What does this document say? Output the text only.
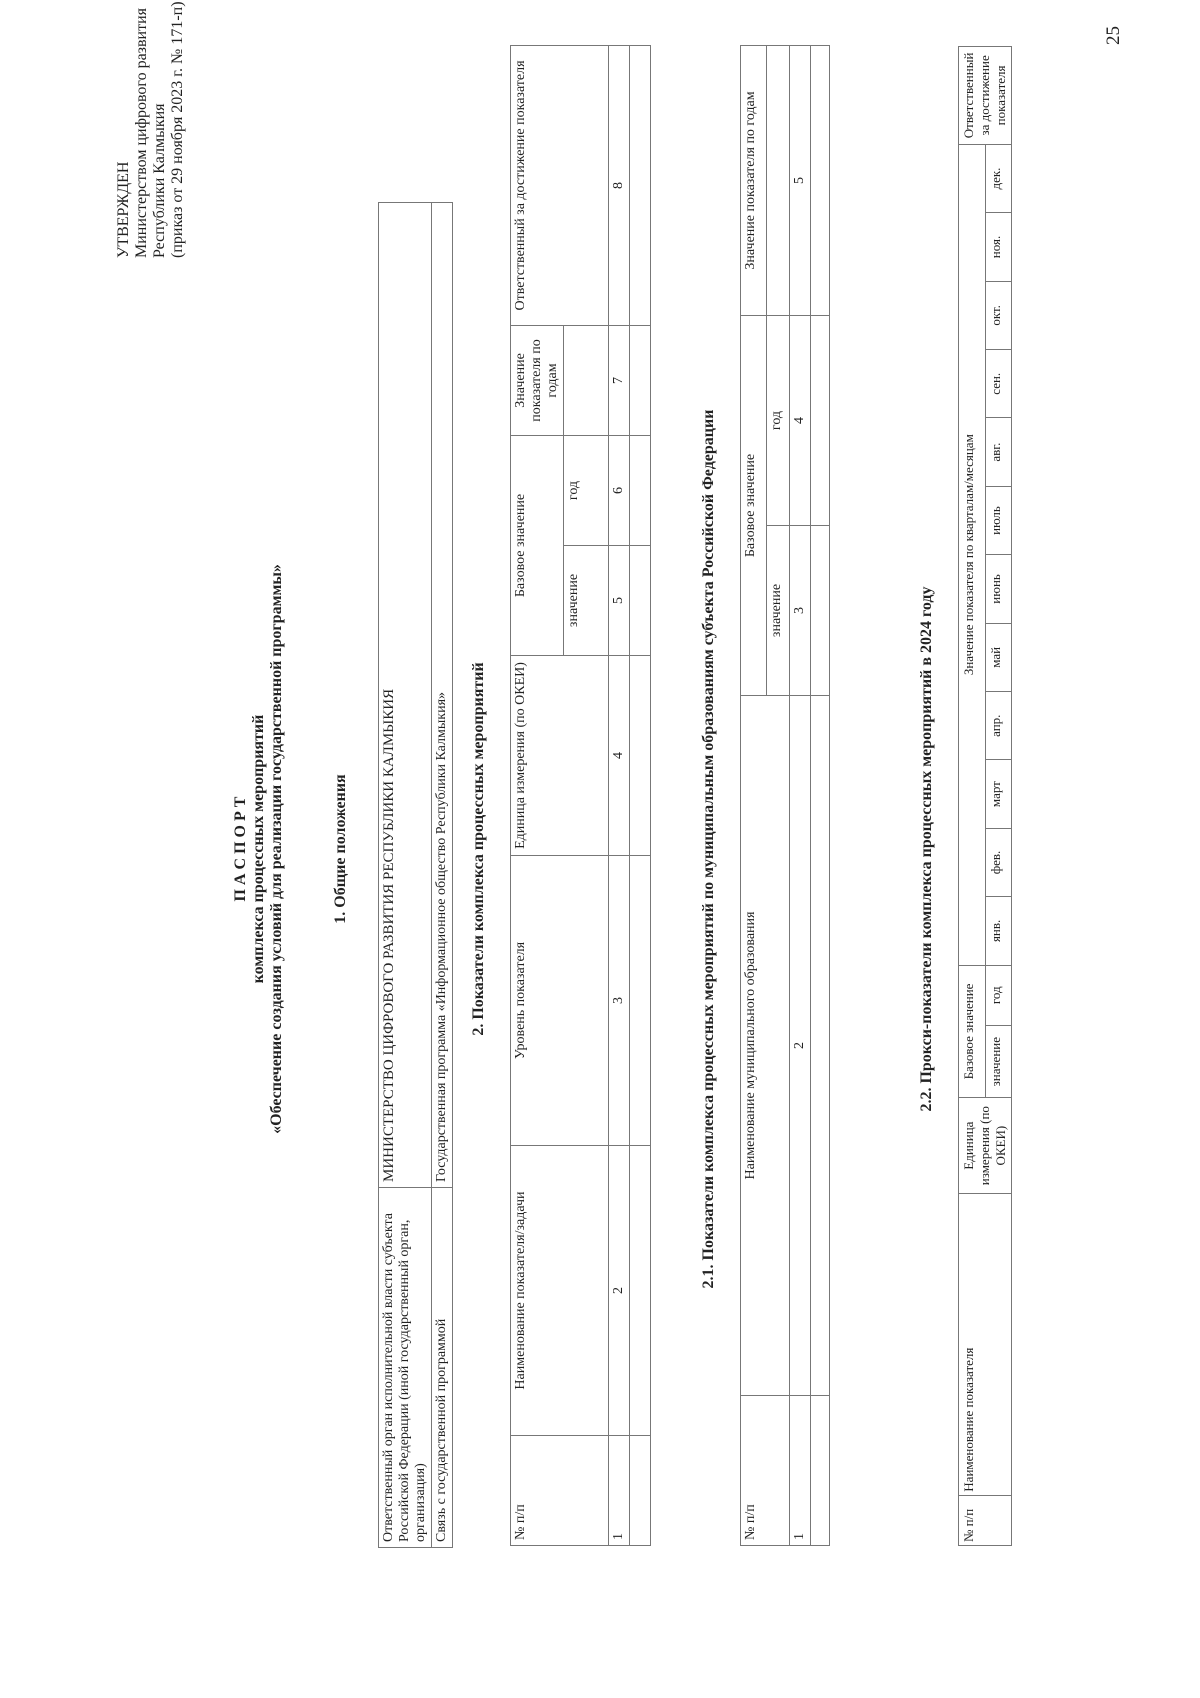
УТВЕРЖДЕН Министерством цифрового развития Республики Калмыкия (приказ от 29 ноября 2023 г. № 171-п)	25
П А С П О Р Т комплекса процессных мероприятий «Обеспечение создания условий для реализации государственной программы»	1. Общие положения
Ответственный орган исполнительной власти субъекта Российской Федерации (иной государственный орган, организация)	МИНИСТЕРСТВО ЦИФРОВОГО РАЗВИТИЯ РЕСПУБЛИКИ КАЛМЫКИЯ
Связь с государственной программой	Государственная программа «Информационное общество Республики Калмыкия» 2. Показатели комплекса процессных мероприятий
№ п/п	Наименование показателя/задачи	Уровень показателя	Единица измерения (по ОКЕИ)	Базовое значение		Значение показателя по годам	Ответственный за достижение показателя
				значение	год		
1	2	3	4	5	6	7	8

2.1. Показатели комплекса процессных мероприятий по муниципальным образованиям субъекта Российской Федерации
№ п/п	Наименование муниципального образования	Базовое значение		Значение показателя по годам
		значение	год	
1	2	3	4	5

2.2. Прокси-показатели комплекса процессных мероприятий в 2024 году
№ п/п	Наименование показателя	Единица измерения (по ОКЕИ)	Базовое значение		Значение показателя по кварталам/месяцам												Ответственный за достижение показателя
			значение	год	янв.	фев.	март	апр.	май	июнь	июль	авг.	сен.	окт.	ноя.	дек.	
